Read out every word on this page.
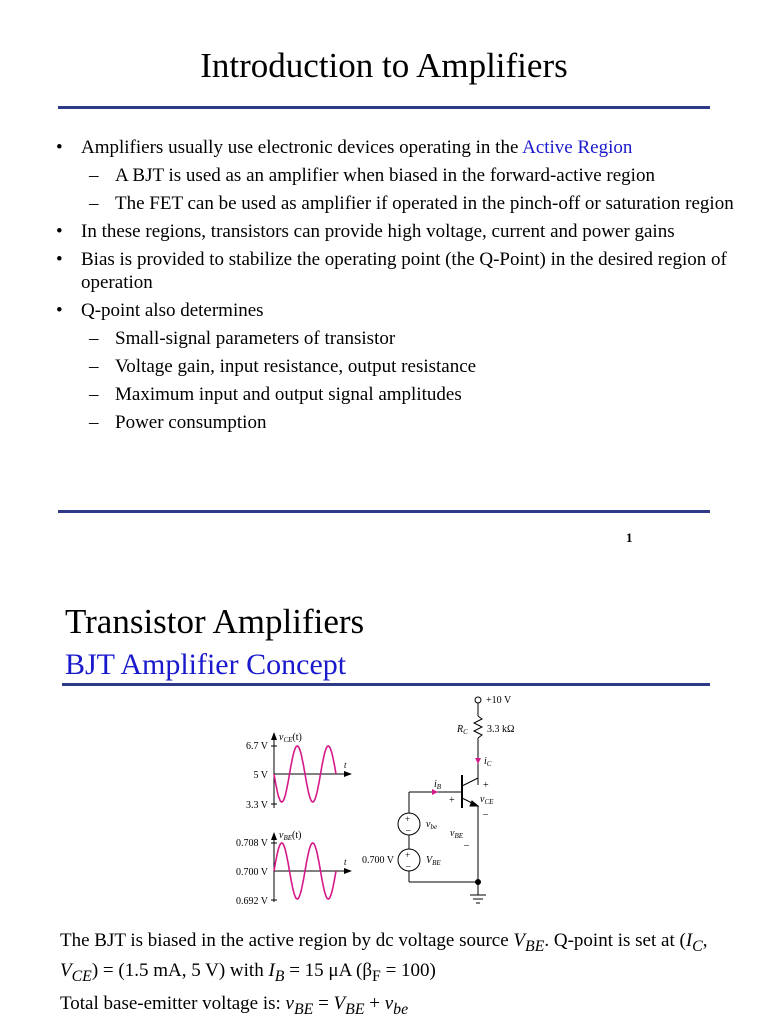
Introduction to Amplifiers
• Amplifiers usually use electronic devices operating in the Active Region
– A BJT is used as an amplifier when biased in the forward-active region
– The FET can be used as amplifier if operated in the pinch-off or saturation region
• In these regions, transistors can provide high voltage, current and power gains
• Bias is provided to stabilize the operating point (the Q-Point) in the desired region of operation
• Q-point also determines
– Small-signal parameters of transistor
– Voltage gain, input resistance, output resistance
– Maximum input and output signal amplitudes
– Power consumption
1
Transistor Amplifiers
BJT Amplifier Concept
6.7 V
5 V
3.3 V
$v_{CE}(t)$
t
0.708 V
0.700 V
0.692 V
$v_{BE}(t)$
t
+10 V
$R_C$ 3.3 kΩ
$i_C$
$i_B$	+
$v_{CE}$
–
+
$v_{BE}$
–
+
– $v_{be}$
+
–
0.700 V	$V_{BE}$
The BJT is biased in the active region by dc voltage source $V_{BE}$. Q-point is set at ($I_C$, $V_{CE}) = (1.5$ mA, 5 V) with $I_B = 15$ μA $(\beta_F = 100)$
Total base-emitter voltage is: $v_{BE} = V_{BE} + v_{be}$
